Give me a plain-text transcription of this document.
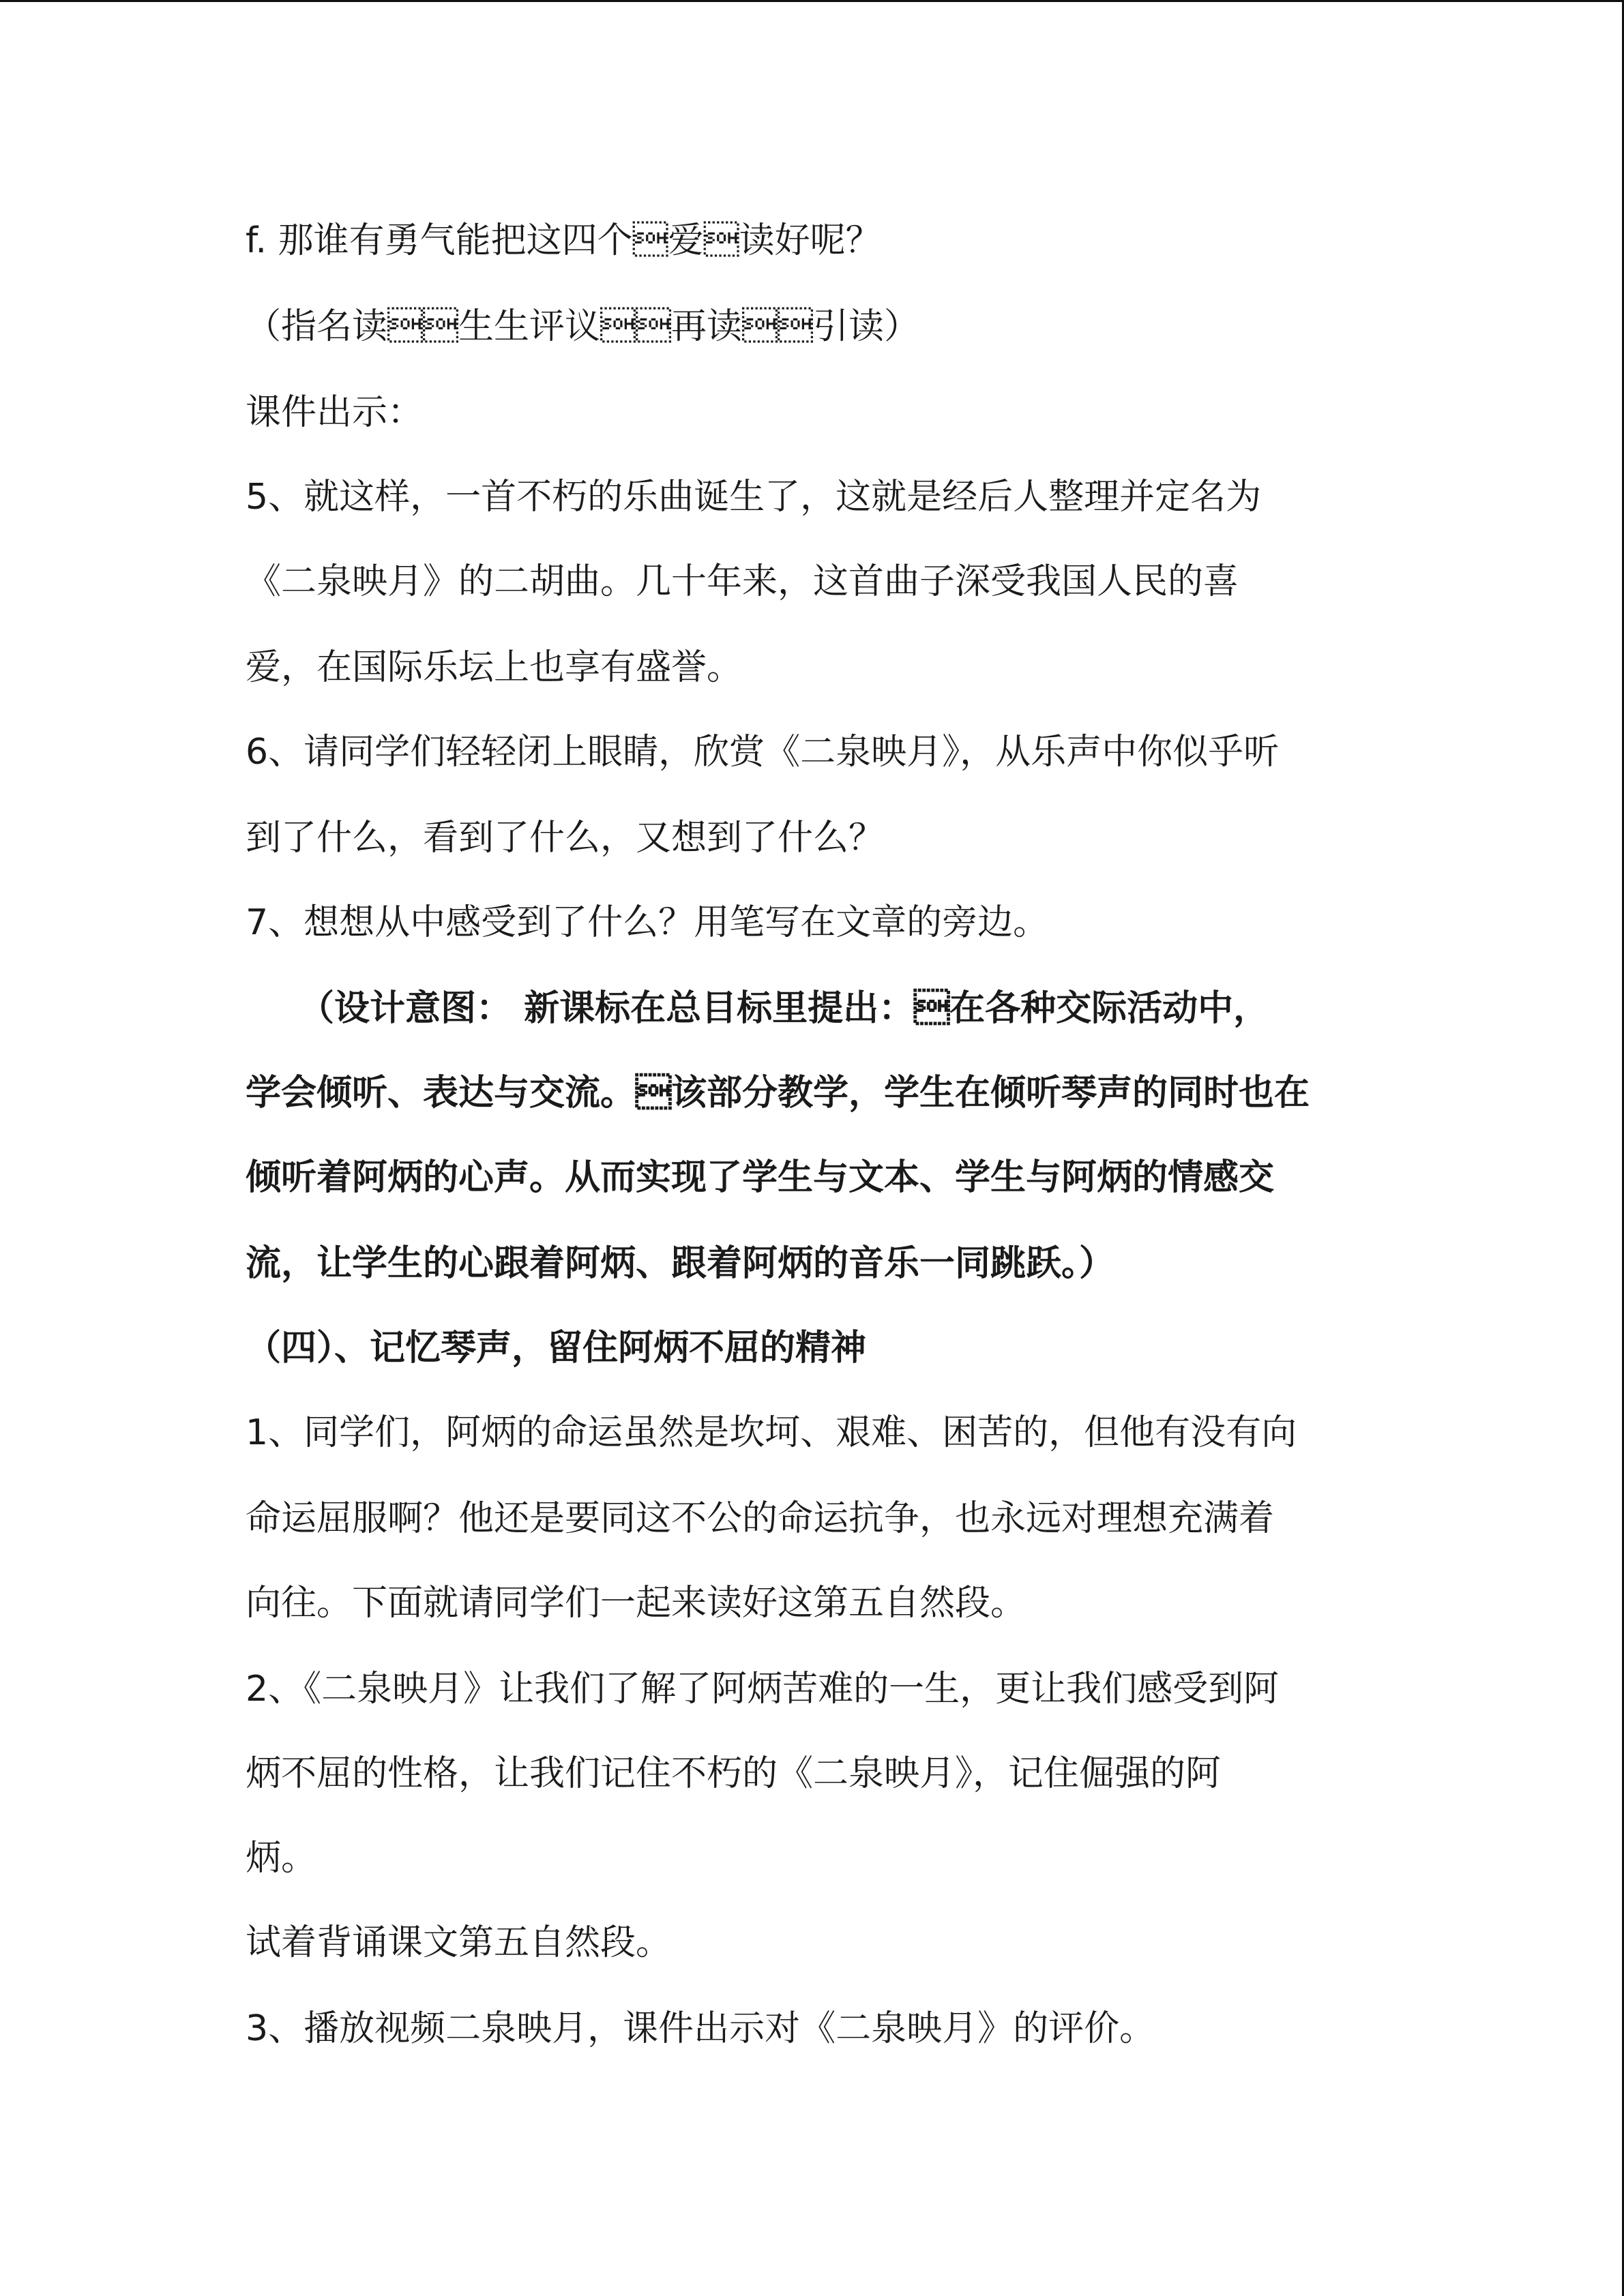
f. 那谁有勇气能把这四个爱读好呢？
（指名读生生评议再读引读）
课件出示：
5、就这样，一首不朽的乐曲诞生了，这就是经后人整理并定名为
《二泉映月》的二胡曲。几十年来，这首曲子深受我国人民的喜
爱，在国际乐坛上也享有盛誉。
6、请同学们轻轻闭上眼睛，欣赏《二泉映月》，从乐声中你似乎听
到了什么，看到了什么，又想到了什么？
7、想想从中感受到了什么？用笔写在文章的旁边。
　　（设计意图： 新课标在总目标里提出：在各种交际活动中，
学会倾听、表达与交流。该部分教学，学生在倾听琴声的同时也在
倾听着阿炳的心声。从而实现了学生与文本、学生与阿炳的情感交
流，让学生的心跟着阿炳、跟着阿炳的音乐一同跳跃。）
（四）、记忆琴声，留住阿炳不屈的精神
1、同学们，阿炳的命运虽然是坎坷、艰难、困苦的，但他有没有向
命运屈服啊？他还是要同这不公的命运抗争，也永远对理想充满着
向往。下面就请同学们一起来读好这第五自然段。
2、《二泉映月》让我们了解了阿炳苦难的一生，更让我们感受到阿
炳不屈的性格，让我们记住不朽的《二泉映月》，记住倔强的阿
炳。
试着背诵课文第五自然段。
3、播放视频二泉映月，课件出示对《二泉映月》的评价。
